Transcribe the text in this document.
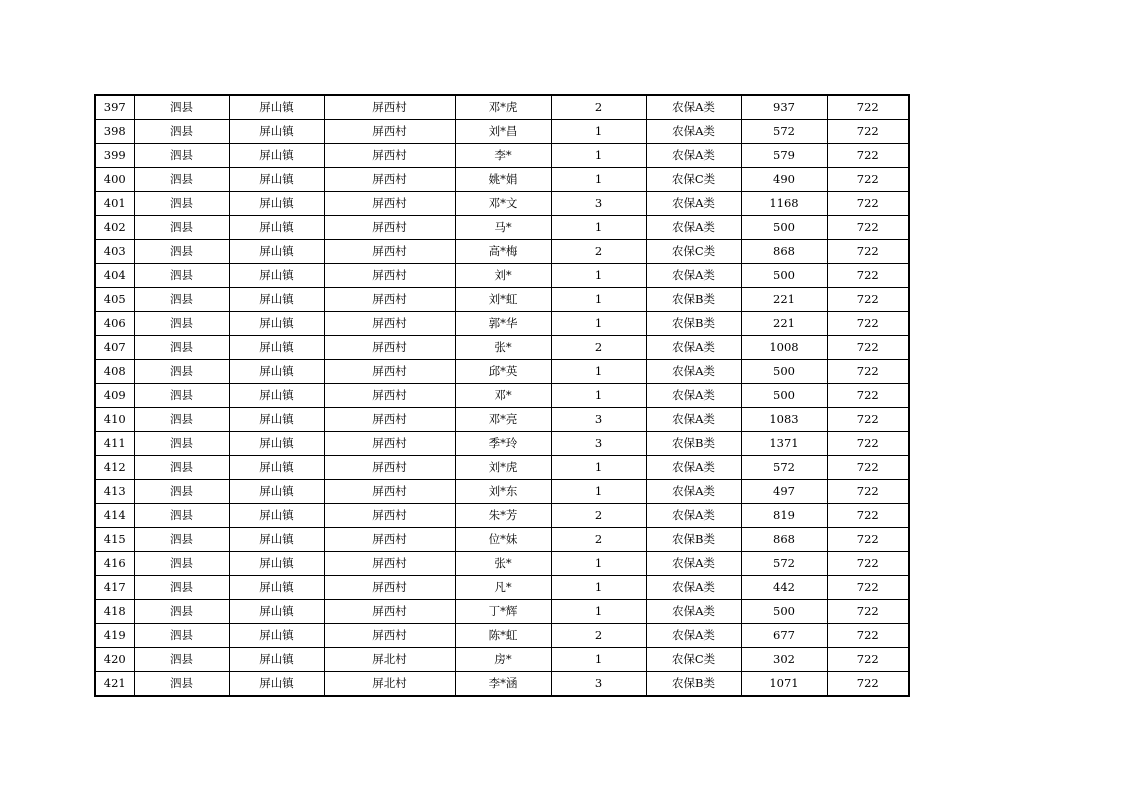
397	泗县	屏山镇	屏西村	邓*虎	2	农保A类	937	722
398	泗县	屏山镇	屏西村	刘*昌	1	农保A类	572	722
399	泗县	屏山镇	屏西村	李*	1	农保A类	579	722
400	泗县	屏山镇	屏西村	姚*娟	1	农保C类	490	722
401	泗县	屏山镇	屏西村	邓*文	3	农保A类	1168	722
402	泗县	屏山镇	屏西村	马*	1	农保A类	500	722
403	泗县	屏山镇	屏西村	高*梅	2	农保C类	868	722
404	泗县	屏山镇	屏西村	刘*	1	农保A类	500	722
405	泗县	屏山镇	屏西村	刘*虹	1	农保B类	221	722
406	泗县	屏山镇	屏西村	郭*华	1	农保B类	221	722
407	泗县	屏山镇	屏西村	张*	2	农保A类	1008	722
408	泗县	屏山镇	屏西村	邱*英	1	农保A类	500	722
409	泗县	屏山镇	屏西村	邓*	1	农保A类	500	722
410	泗县	屏山镇	屏西村	邓*亮	3	农保A类	1083	722
411	泗县	屏山镇	屏西村	季*玲	3	农保B类	1371	722
412	泗县	屏山镇	屏西村	刘*虎	1	农保A类	572	722
413	泗县	屏山镇	屏西村	刘*东	1	农保A类	497	722
414	泗县	屏山镇	屏西村	朱*芳	2	农保A类	819	722
415	泗县	屏山镇	屏西村	位*妹	2	农保B类	868	722
416	泗县	屏山镇	屏西村	张*	1	农保A类	572	722
417	泗县	屏山镇	屏西村	凡*	1	农保A类	442	722
418	泗县	屏山镇	屏西村	丁*辉	1	农保A类	500	722
419	泗县	屏山镇	屏西村	陈*虹	2	农保A类	677	722
420	泗县	屏山镇	屏北村	房*	1	农保C类	302	722
421	泗县	屏山镇	屏北村	李*涵	3	农保B类	1071	722
